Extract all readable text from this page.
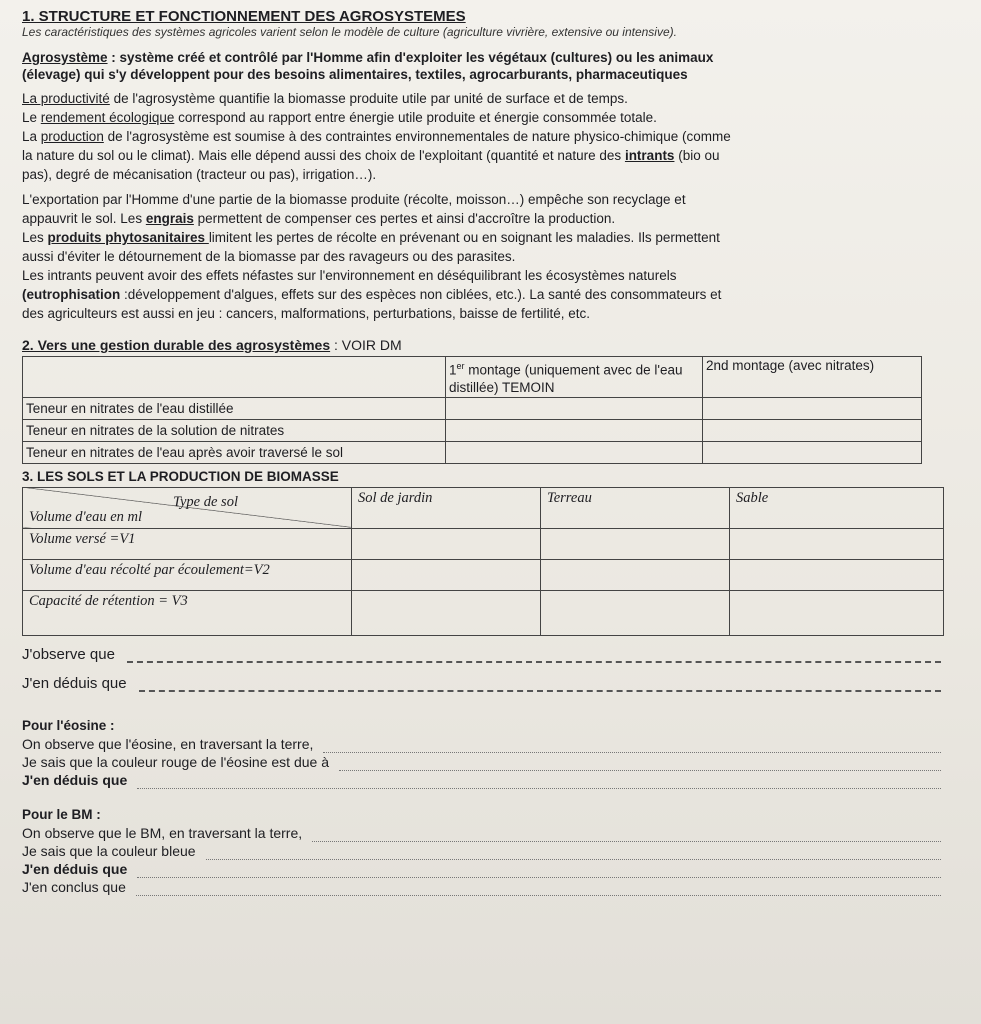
1. STRUCTURE ET FONCTIONNEMENT DES AGROSYSTEMES

Les caractéristiques des systèmes agricoles varient selon le modèle de culture (agriculture vivrière, extensive ou intensive).

Agrosystème : système créé et contrôlé par l'Homme afin d'exploiter les végétaux (cultures) ou les animaux

(élevage) qui s'y développent pour des besoins alimentaires, textiles, agrocarburants, pharmaceutiques

La productivité de l'agrosystème quantifie la biomasse produite utile par unité de surface et de temps.

Le rendement écologique correspond au rapport entre énergie utile produite et énergie consommée totale.

La production de l'agrosystème est soumise à des contraintes environnementales de nature physico-chimique (comme

la nature du sol ou le climat). Mais elle dépend aussi des choix de l'exploitant (quantité et nature des intrants (bio ou

pas), degré de mécanisation (tracteur ou pas), irrigation…).

L'exportation par l'Homme d'une partie de la biomasse produite (récolte, moisson…) empêche son recyclage et

appauvrit le sol. Les engrais permettent de compenser ces pertes et ainsi d'accroître la production.

Les produits phytosanitaires limitent les pertes de récolte en prévenant ou en soignant les maladies. Ils permettent

aussi d'éviter le détournement de la biomasse par des ravageurs ou des parasites.

Les intrants peuvent avoir des effets néfastes sur l'environnement en déséquilibrant les écosystèmes naturels

(eutrophisation :développement d'algues, effets sur des espèces non ciblées, etc.). La santé des consommateurs et

des agriculteurs est aussi en jeu : cancers, malformations, perturbations, baisse de fertilité, etc.

2. Vers une gestion durable des agrosystèmes : VOIR DM

	1er montage (uniquement avec de l'eau distillée) TEMOIN	2nd montage (avec nitrates)
Teneur en nitrates de l'eau distillée		
Teneur en nitrates de la solution de nitrates		
Teneur en nitrates de l'eau après avoir traversé le sol		

3. LES SOLS ET LA PRODUCTION DE BIOMASSE

Type de sol
Volume d'eau en ml	Sol de jardin	Terreau	Sable
Volume versé =V1			
Volume d'eau récolté par écoulement=V2			
Capacité de rétention = V3			
J'observe que
J'en déduis que

Pour l'éosine :

On observe que l'éosine, en traversant la terre,
Je sais que la couleur rouge de l'éosine est due à
J'en déduis que

Pour le BM :

On observe que le BM, en traversant la terre,
Je sais que la couleur bleue
J'en déduis que
J'en conclus que
